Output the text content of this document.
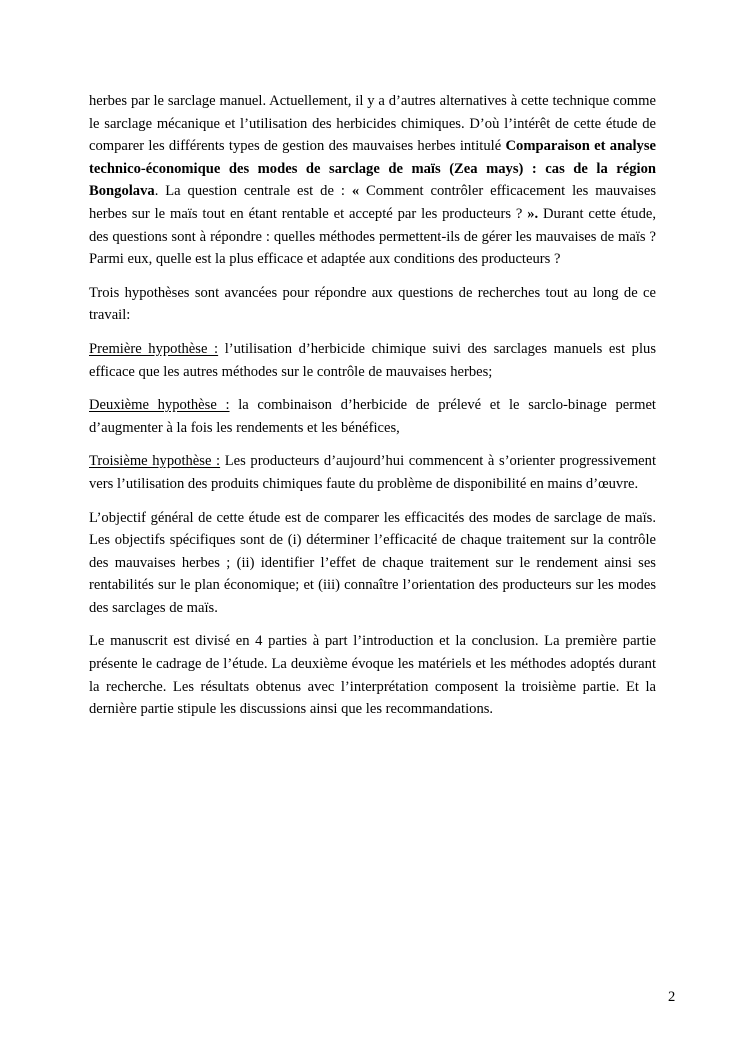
herbes par le sarclage manuel. Actuellement, il y a d’autres alternatives à cette technique comme le sarclage mécanique et l’utilisation des herbicides chimiques. D’où l’intérêt de cette étude de comparer les différents types de gestion des mauvaises herbes intitulé Comparaison et analyse technico-économique des modes de sarclage de maïs (Zea mays) : cas de la région Bongolava. La question centrale est de : « Comment contrôler efficacement les mauvaises herbes sur le maïs tout en étant rentable et accepté par les producteurs ? ». Durant cette étude, des questions sont à répondre : quelles méthodes permettent-ils de gérer les mauvaises de maïs ? Parmi eux, quelle est la plus efficace et adaptée aux conditions des producteurs ?

Trois hypothèses sont avancées pour répondre aux questions de recherches tout au long de ce travail:

Première hypothèse : l’utilisation d’herbicide chimique suivi des sarclages manuels est plus efficace que les autres méthodes sur le contrôle de mauvaises herbes;

Deuxième hypothèse : la combinaison d’herbicide de prélevé et le sarclo-binage permet d’augmenter à la fois les rendements et les bénéfices,

Troisième hypothèse : Les producteurs d’aujourd’hui commencent à s’orienter progressivement vers l’utilisation des produits chimiques faute du problème de disponibilité en mains d’œuvre.

L’objectif général de cette étude est de comparer les efficacités des modes de sarclage de maïs. Les objectifs spécifiques sont de (i) déterminer l’efficacité de chaque traitement sur la contrôle des mauvaises herbes ; (ii) identifier l’effet de chaque traitement sur le rendement ainsi ses rentabilités sur le plan économique; et (iii) connaître l’orientation des producteurs sur les modes des sarclages de maïs.

Le manuscrit est divisé en 4 parties à part l’introduction et la conclusion. La première partie présente le cadrage de l’étude. La deuxième évoque les matériels et les méthodes adoptés durant la recherche. Les résultats obtenus avec l’interprétation composent la troisième partie. Et la dernière partie stipule les discussions ainsi que les recommandations.

2
